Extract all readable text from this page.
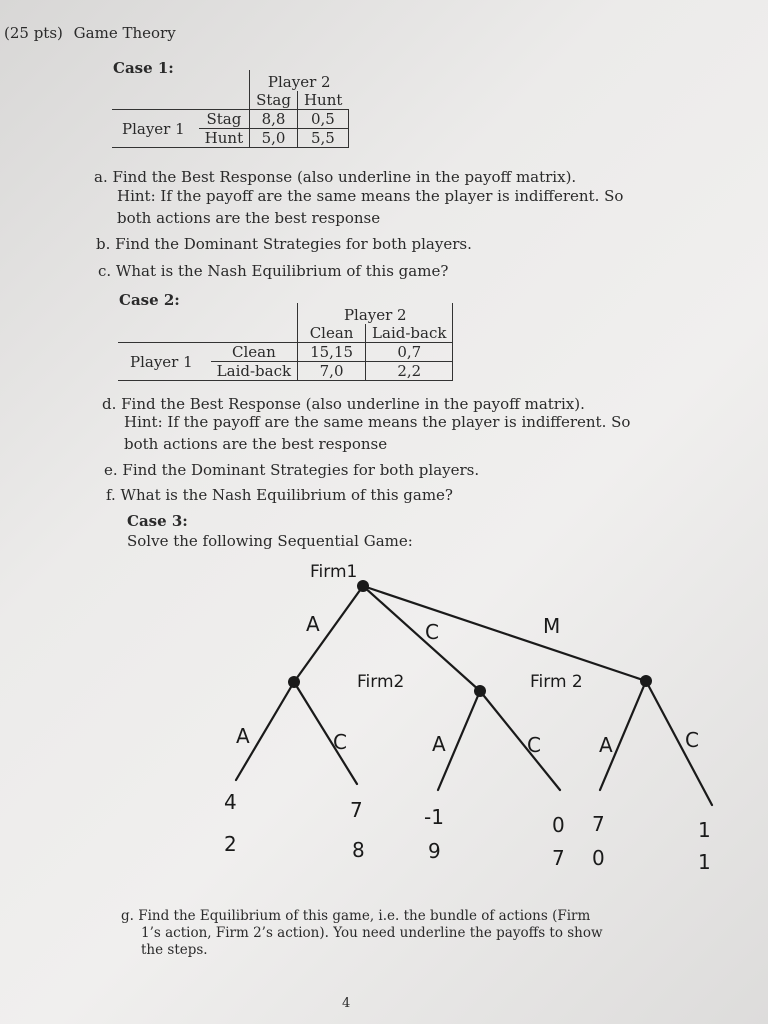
(25 pts) Game Theory
Case 1:
		Player 2	
		Stag	Hunt
Player 1	Stag	8,8	0,5
	Hunt	5,0	5,5
a. Find the Best Response (also underline in the payoff matrix).
Hint: If the payoff are the same means the player is indifferent. So
both actions are the best response
b. Find the Dominant Strategies for both players.
c. What is the Nash Equilibrium of this game?
Case 2:
		Player 2	
		Clean	Laid-back
Player 1	Clean	15,15	0,7
	Laid-back	7,0	2,2
d. Find the Best Response (also underline in the payoff matrix).
Hint: If the payoff are the same means the player is indifferent. So
both actions are the best response
e. Find the Dominant Strategies for both players.
f. What is the Nash Equilibrium of this game?
Case 3:
Solve the following Sequential Game:
Firm1
A	C	M
Firm2	Firm 2
A	C	A	C	A	C
4
2
7
8
-1
9
0
7
7
0
1
1
g. Find the Equilibrium of this game, i.e. the bundle of actions (Firm
1’s action, Firm 2’s action). You need underline the payoffs to show
the steps.
4
